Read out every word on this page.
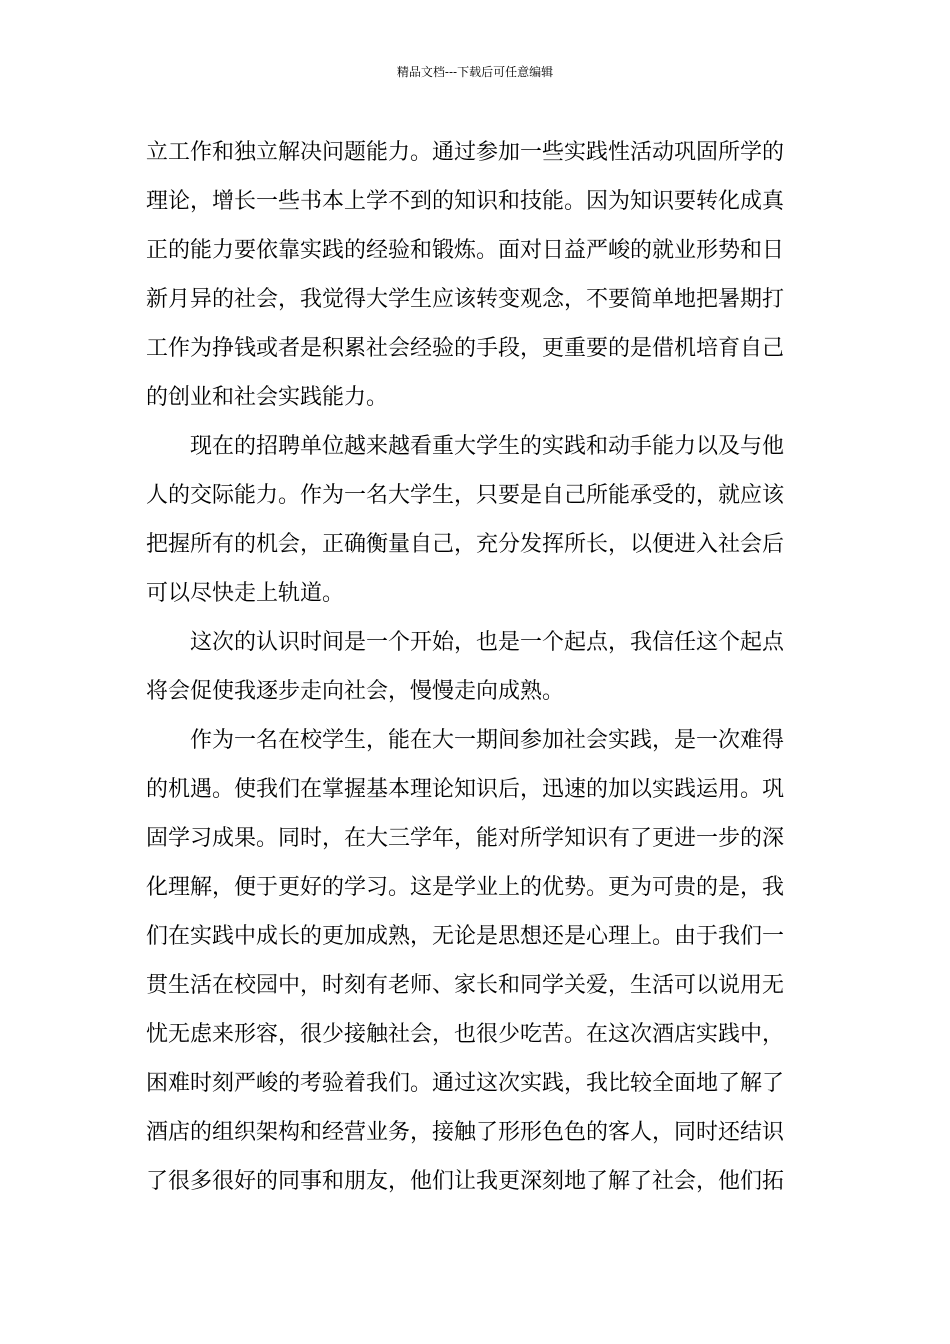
精品文档---下载后可任意编辑
立工作和独立解决问题能力。通过参加一些实践性活动巩固所学的
理论，增长一些书本上学不到的知识和技能。因为知识要转化成真
正的能力要依靠实践的经验和锻炼。面对日益严峻的就业形势和日
新月异的社会，我觉得大学生应该转变观念，不要简单地把暑期打
工作为挣钱或者是积累社会经验的手段，更重要的是借机培育自己
的创业和社会实践能力。
现在的招聘单位越来越看重大学生的实践和动手能力以及与他
人的交际能力。作为一名大学生，只要是自己所能承受的，就应该
把握所有的机会，正确衡量自己，充分发挥所长，以便进入社会后
可以尽快走上轨道。
这次的认识时间是一个开始，也是一个起点，我信任这个起点
将会促使我逐步走向社会，慢慢走向成熟。
作为一名在校学生，能在大一期间参加社会实践，是一次难得
的机遇。使我们在掌握基本理论知识后，迅速的加以实践运用。巩
固学习成果。同时，在大三学年，能对所学知识有了更进一步的深
化理解，便于更好的学习。这是学业上的优势。更为可贵的是，我
们在实践中成长的更加成熟，无论是思想还是心理上。由于我们一
贯生活在校园中，时刻有老师、家长和同学关爱，生活可以说用无
忧无虑来形容，很少接触社会，也很少吃苦。在这次酒店实践中，
困难时刻严峻的考验着我们。通过这次实践，我比较全面地了解了
酒店的组织架构和经营业务，接触了形形色色的客人，同时还结识
了很多很好的同事和朋友，他们让我更深刻地了解了社会，他们拓
